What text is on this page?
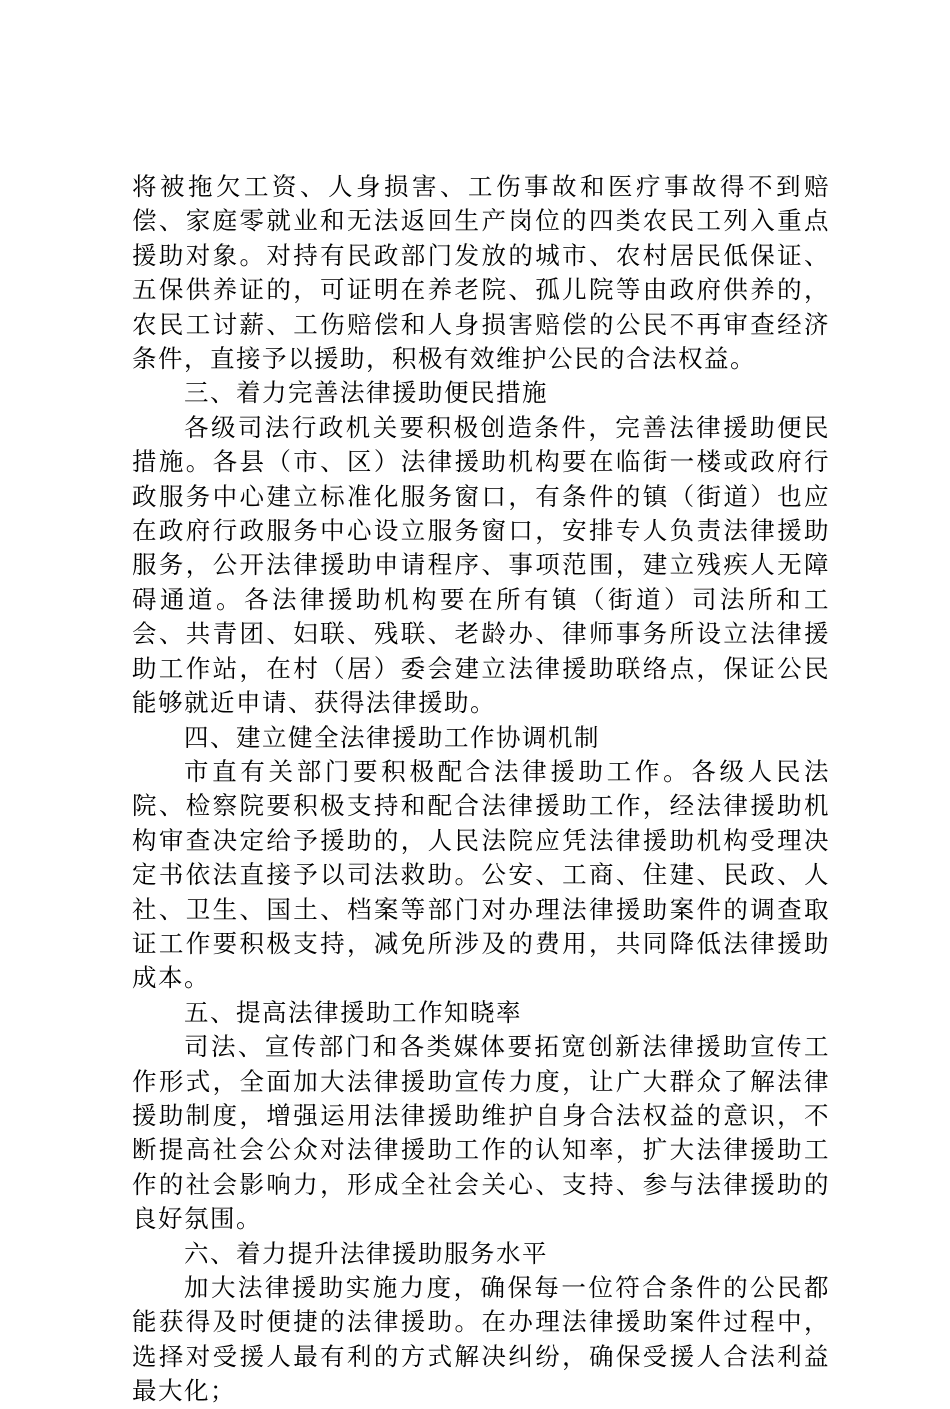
将被拖欠工资、人身损害、工伤事故和医疗事故得不到赔偿、家庭零就业和无法返回生产岗位的四类农民工列入重点援助对象。对持有民政部门发放的城市、农村居民低保证、五保供养证的，可证明在养老院、孤儿院等由政府供养的，农民工讨薪、工伤赔偿和人身损害赔偿的公民不再审查经济条件，直接予以援助，积极有效维护公民的合法权益。

三、着力完善法律援助便民措施

各级司法行政机关要积极创造条件，完善法律援助便民措施。各县（市、区）法律援助机构要在临街一楼或政府行政服务中心建立标准化服务窗口，有条件的镇（街道）也应在政府行政服务中心设立服务窗口，安排专人负责法律援助服务，公开法律援助申请程序、事项范围，建立残疾人无障碍通道。各法律援助机构要在所有镇（街道）司法所和工会、共青团、妇联、残联、老龄办、律师事务所设立法律援助工作站，在村（居）委会建立法律援助联络点，保证公民能够就近申请、获得法律援助。

四、建立健全法律援助工作协调机制

市直有关部门要积极配合法律援助工作。各级人民法院、检察院要积极支持和配合法律援助工作，经法律援助机构审查决定给予援助的，人民法院应凭法律援助机构受理决定书依法直接予以司法救助。公安、工商、住建、民政、人社、卫生、国土、档案等部门对办理法律援助案件的调查取证工作要积极支持，减免所涉及的费用，共同降低法律援助成本。

五、提高法律援助工作知晓率

司法、宣传部门和各类媒体要拓宽创新法律援助宣传工作形式，全面加大法律援助宣传力度，让广大群众了解法律援助制度，增强运用法律援助维护自身合法权益的意识，不断提高社会公众对法律援助工作的认知率，扩大法律援助工作的社会影响力，形成全社会关心、支持、参与法律援助的良好氛围。

六、着力提升法律援助服务水平

加大法律援助实施力度，确保每一位符合条件的公民都能获得及时便捷的法律援助。在办理法律援助案件过程中，选择对受援人最有利的方式解决纠纷，确保受援人合法利益最大化；
